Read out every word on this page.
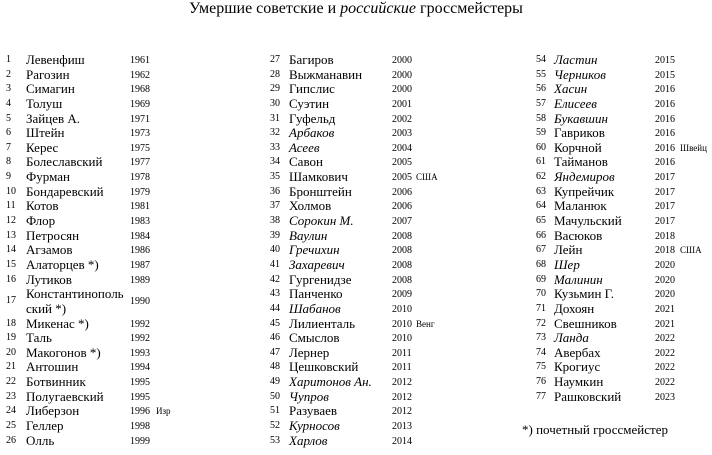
Умершие советские и российские гроссмейстеры
1 Левенфиш	1961
2 Рагозин	1962
3 Симагин	1968
4 Толуш	1969
5 Зайцев А.	1971
6 Штейн	1973
7 Керес	1975
8 Болеславский	1977
9 Фурман	1978
10 Бондаревский	1979
11 Котов	1981
12 Флор	1983
13 Петросян	1984
14 Агзамов	1986
15 Алаторцев *)	1987
16 Лутиков	1989
17 Константинопольский *)	1990
18 Микенас *)	1992
19 Таль	1992
20 Макогонов *)	1993
21 Антошин	1994
22 Ботвинник	1995
23 Полугаевский	1995
24 Либерзон	1996 Изр
25 Геллер	1998
26 Олль	1999
27 Багиров	2000
28 Выжманавин	2000
29 Гипслис	2000
30 Суэтин	2001
31 Гуфельд	2002
32 Арбаков	2003
33 Асеев	2004
34 Савон	2005
35 Шамкович	2005 США
36 Бронштейн	2006
37 Холмов	2006
38 Сорокин М.	2007
39 Ваулин	2008
40 Гречихин	2008
41 Захаревич	2008
42 Гургенидзе	2008
43 Панченко	2009
44 Шабанов	2010
45 Лилиенталь	2010 Венг
46 Смыслов	2010
47 Лернер	2011
48 Цешковский	2011
49 Харитонов Ан. 2012
50 Чупров	2012
51 Разуваев	2012
52 Курносов	2013
53 Харлов	2014
54 Ластин	2015
55 Черников	2015
56 Хасин	2016
57 Елисеев	2016
58 Букавшин	2016
59 Гавриков	2016
60 Корчной	2016 Швейц
61 Тайманов	2016
62 Яндемиров	2017
63 Купрейчик	2017
64 Маланюк	2017
65 Мачульский	2017
66 Васюков	2018
67 Лейн	2018 США
68 Шер	2020
69 Малинин	2020
70 Кузьмин Г.	2020
71 Дохоян	2021
72 Свешников	2021
73 Ланда	2022
74 Авербах	2022
75 Крогиус	2022
76 Наумкин	2022
77 Рашковский	2023
*) почетный гроссмейстер
